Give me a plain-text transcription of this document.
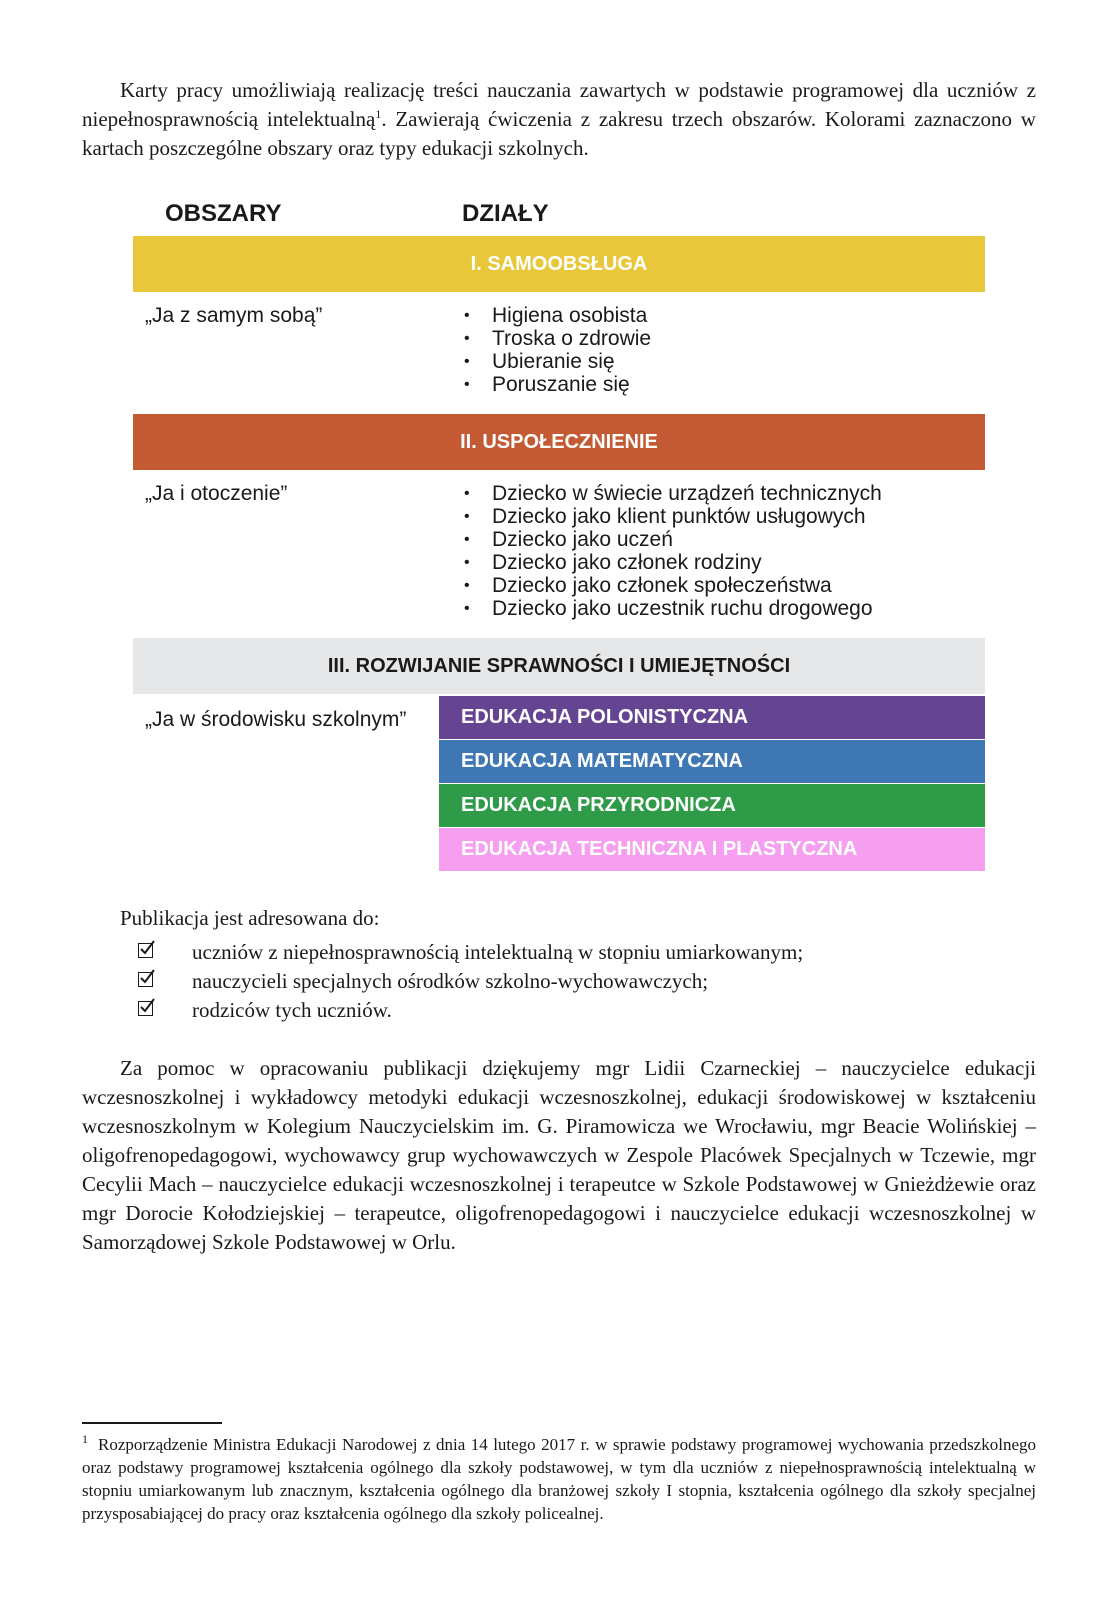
Karty pracy umożliwiają realizację treści nauczania zawartych w podstawie programowej dla uczniów z niepełnosprawnością intelektualną$^1$. Zawierają ćwiczenia z zakresu trzech obszarów. Kolorami zaznaczono w kartach poszczególne obszary oraz typy edukacji szkolnych.

OBSZARY	DZIAŁY
I. SAMOOBSŁUGA
„Ja z samym sobą”	• Higiena osobista
• Troska o zdrowie
• Ubieranie się
• Poruszanie się
II. USPOŁECZNIENIE
„Ja i otoczenie”	• Dziecko w świecie urządzeń technicznych
• Dziecko jako klient punktów usługowych
• Dziecko jako uczeń
• Dziecko jako członek rodziny
• Dziecko jako członek społeczeństwa
• Dziecko jako uczestnik ruchu drogowego
III. ROZWIJANIE SPRAWNOŚCI I UMIEJĘTNOŚCI
„Ja w środowisku szkolnym”	EDUKACJA POLONISTYCZNA
EDUKACJA MATEMATYCZNA
EDUKACJA PRZYRODNICZA
EDUKACJA TECHNICZNA I PLASTYCZNA

Publikacja jest adresowana do:

uczniów z niepełnosprawnością intelektualną w stopniu umiarkowanym;
nauczycieli specjalnych ośrodków szkolno-wychowawczych;
rodziców tych uczniów.

Za pomoc w opracowaniu publikacji dziękujemy mgr Lidii Czarneckiej – nauczycielce edukacji wczesnoszkolnej i wykładowcy metodyki edukacji wczesnoszkolnej, edukacji środowiskowej w kształceniu wczesnoszkolnym w Kolegium Nauczycielskim im. G. Piramowicza we Wrocławiu, mgr Beacie Wolińskiej – oligofrenopedagogowi, wychowawcy grup wychowawczych w Zespole Placówek Specjalnych w Tczewie, mgr Cecylii Mach – nauczycielce edukacji wczesnoszkolnej i terapeutce w Szkole Podstawowej w Gnieżdżewie oraz mgr Dorocie Kołodziejskiej – terapeutce, oligofrenopedagogowi i nauczycielce edukacji wczesnoszkolnej w Samorządowej Szkole Podstawowej w Orlu.

$^1$ Rozporządzenie Ministra Edukacji Narodowej z dnia 14 lutego 2017 r. w sprawie podstawy programowej wychowania przedszkolnego oraz podstawy programowej kształcenia ogólnego dla szkoły podstawowej, w tym dla uczniów z niepełnosprawnością intelektualną w stopniu umiarkowanym lub znacznym, kształcenia ogólnego dla branżowej szkoły I stopnia, kształcenia ogólnego dla szkoły specjalnej przysposabiającej do pracy oraz kształcenia ogólnego dla szkoły policealnej.
